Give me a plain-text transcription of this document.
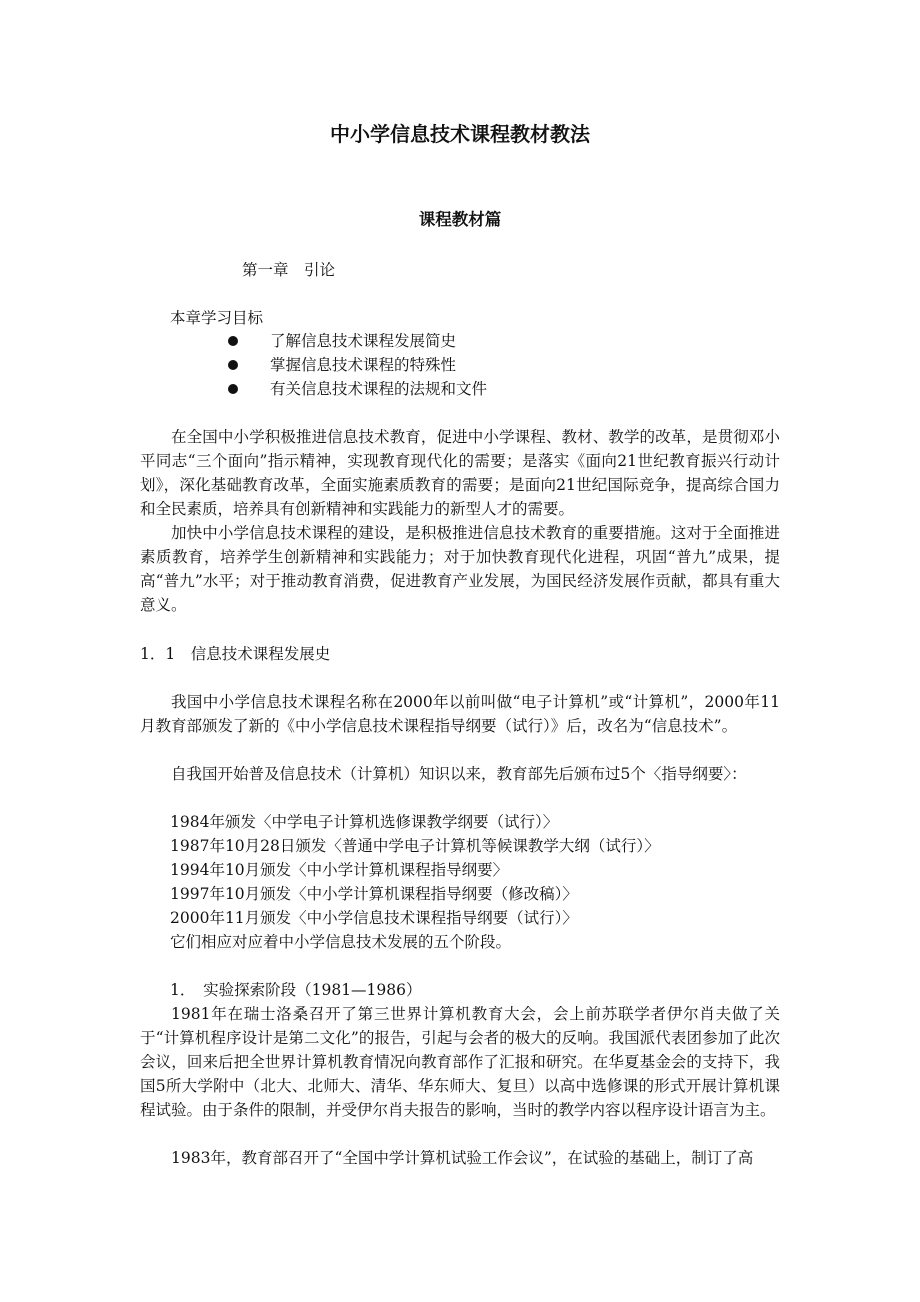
中小学信息技术课程教材教法
课程教材篇
第一章　引论
本章学习目标
了解信息技术课程发展简史
掌握信息技术课程的特殊性
有关信息技术课程的法规和文件
在全国中小学积极推进信息技术教育，促进中小学课程、教材、教学的改革，是贯彻邓小平同志“三个面向”指示精神，实现教育现代化的需要；是落实《面向21世纪教育振兴行动计划》，深化基础教育改革，全面实施素质教育的需要；是面向21世纪国际竞争，提高综合国力和全民素质，培养具有创新精神和实践能力的新型人才的需要。
加快中小学信息技术课程的建设，是积极推进信息技术教育的重要措施。这对于全面推进素质教育，培养学生创新精神和实践能力；对于加快教育现代化进程，巩固“普九”成果，提高“普九”水平；对于推动教育消费，促进教育产业发展，为国民经济发展作贡献，都具有重大意义。
1．1　信息技术课程发展史
我国中小学信息技术课程名称在2000年以前叫做“电子计算机”或“计算机”，2000年11月教育部颁发了新的《中小学信息技术课程指导纲要（试行）》后，改名为“信息技术”。
自我国开始普及信息技术（计算机）知识以来，教育部先后颁布过5个〈指导纲要〉：
1984年颁发〈中学电子计算机选修课教学纲要（试行）〉
1987年10月28日颁发〈普通中学电子计算机等候课教学大纲（试行）〉
1994年10月颁发〈中小学计算机课程指导纲要〉
1997年10月颁发〈中小学计算机课程指导纲要（修改稿）〉
2000年11月颁发〈中小学信息技术课程指导纲要（试行）〉
它们相应对应着中小学信息技术发展的五个阶段。
1．　实验探索阶段（1981—1986）
1981年在瑞士洛桑召开了第三世界计算机教育大会，会上前苏联学者伊尔肖夫做了关于“计算机程序设计是第二文化”的报告，引起与会者的极大的反响。我国派代表团参加了此次会议，回来后把全世界计算机教育情况向教育部作了汇报和研究。在华夏基金会的支持下，我国5所大学附中（北大、北师大、清华、华东师大、复旦）以高中选修课的形式开展计算机课程试验。由于条件的限制，并受伊尔肖夫报告的影响，当时的教学内容以程序设计语言为主。
1983年，教育部召开了“全国中学计算机试验工作会议”，在试验的基础上，制订了高
